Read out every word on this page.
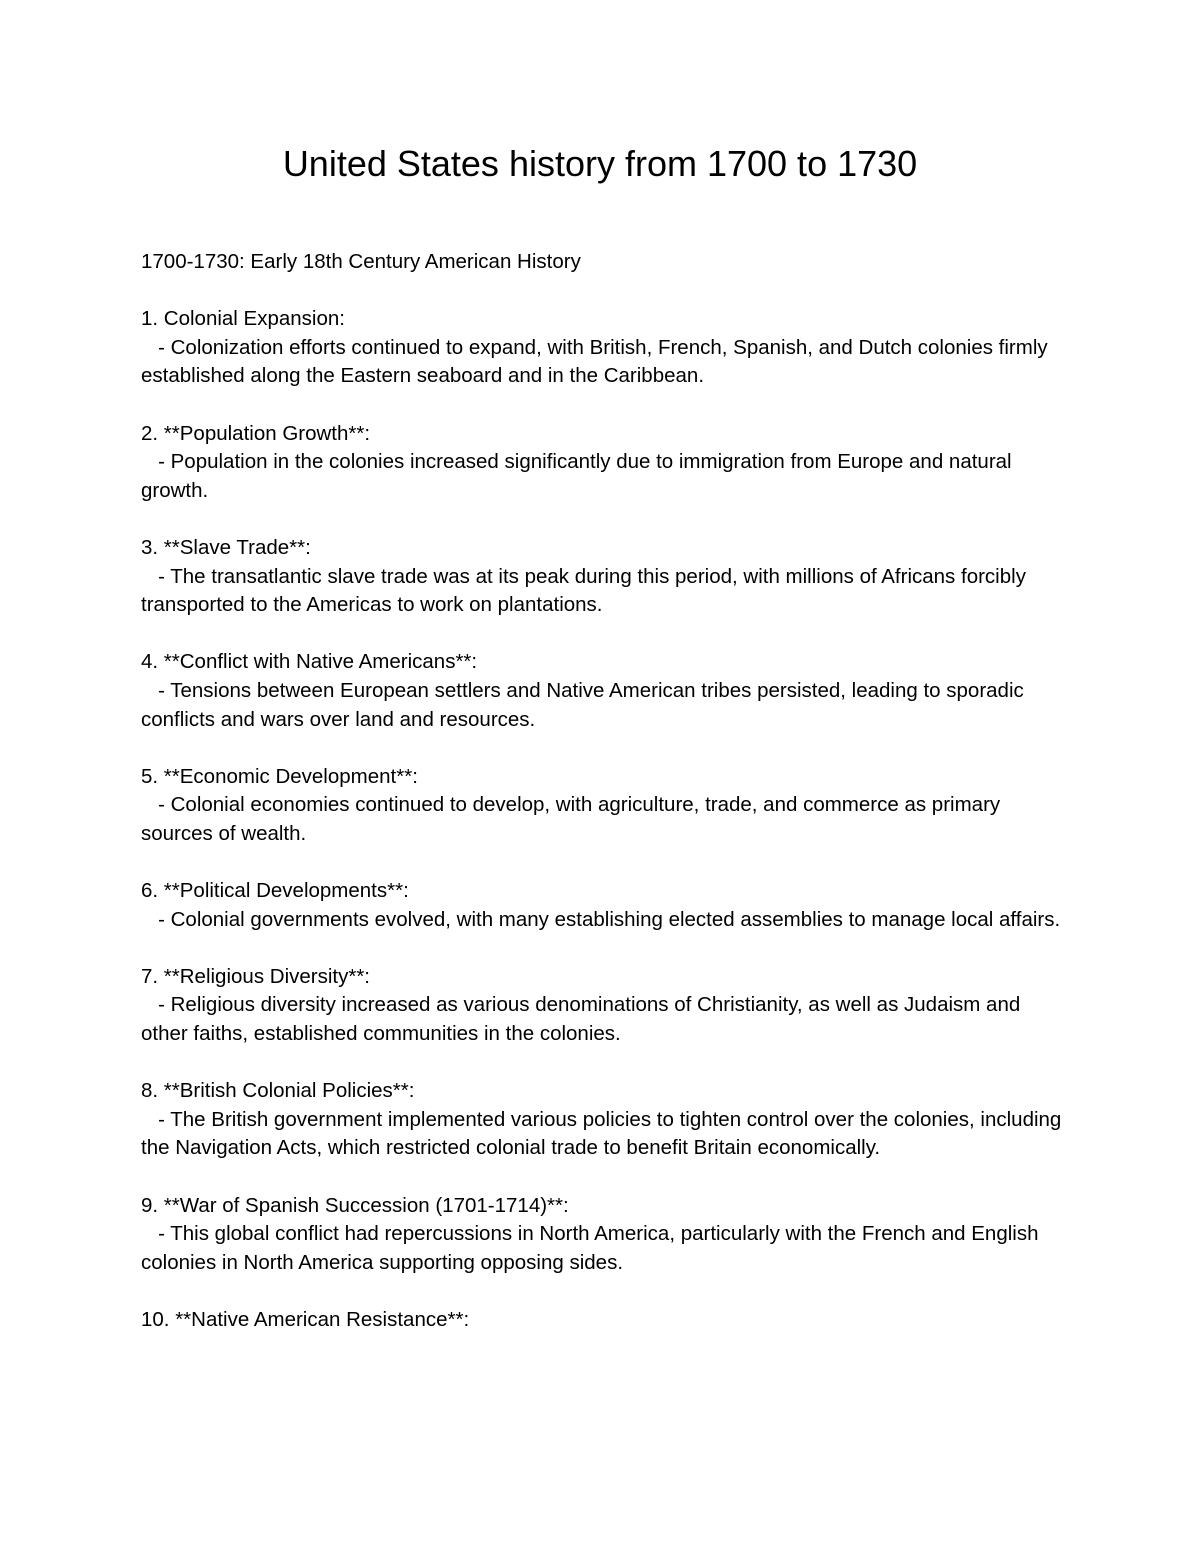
United States history from 1700 to 1730

1700-1730: Early 18th Century American History

1. Colonial Expansion:

- Colonization efforts continued to expand, with British, French, Spanish, and Dutch colonies firmly established along the Eastern seaboard and in the Caribbean.

2. **Population Growth**:

- Population in the colonies increased significantly due to immigration from Europe and natural growth.

3. **Slave Trade**:

- The transatlantic slave trade was at its peak during this period, with millions of Africans forcibly transported to the Americas to work on plantations.

4. **Conflict with Native Americans**:

- Tensions between European settlers and Native American tribes persisted, leading to sporadic conflicts and wars over land and resources.

5. **Economic Development**:

- Colonial economies continued to develop, with agriculture, trade, and commerce as primary sources of wealth.

6. **Political Developments**:

- Colonial governments evolved, with many establishing elected assemblies to manage local affairs.

7. **Religious Diversity**:

- Religious diversity increased as various denominations of Christianity, as well as Judaism and other faiths, established communities in the colonies.

8. **British Colonial Policies**:

- The British government implemented various policies to tighten control over the colonies, including the Navigation Acts, which restricted colonial trade to benefit Britain economically.

9. **War of Spanish Succession (1701-1714)**:

- This global conflict had repercussions in North America, particularly with the French and English colonies in North America supporting opposing sides.

10. **Native American Resistance**:
